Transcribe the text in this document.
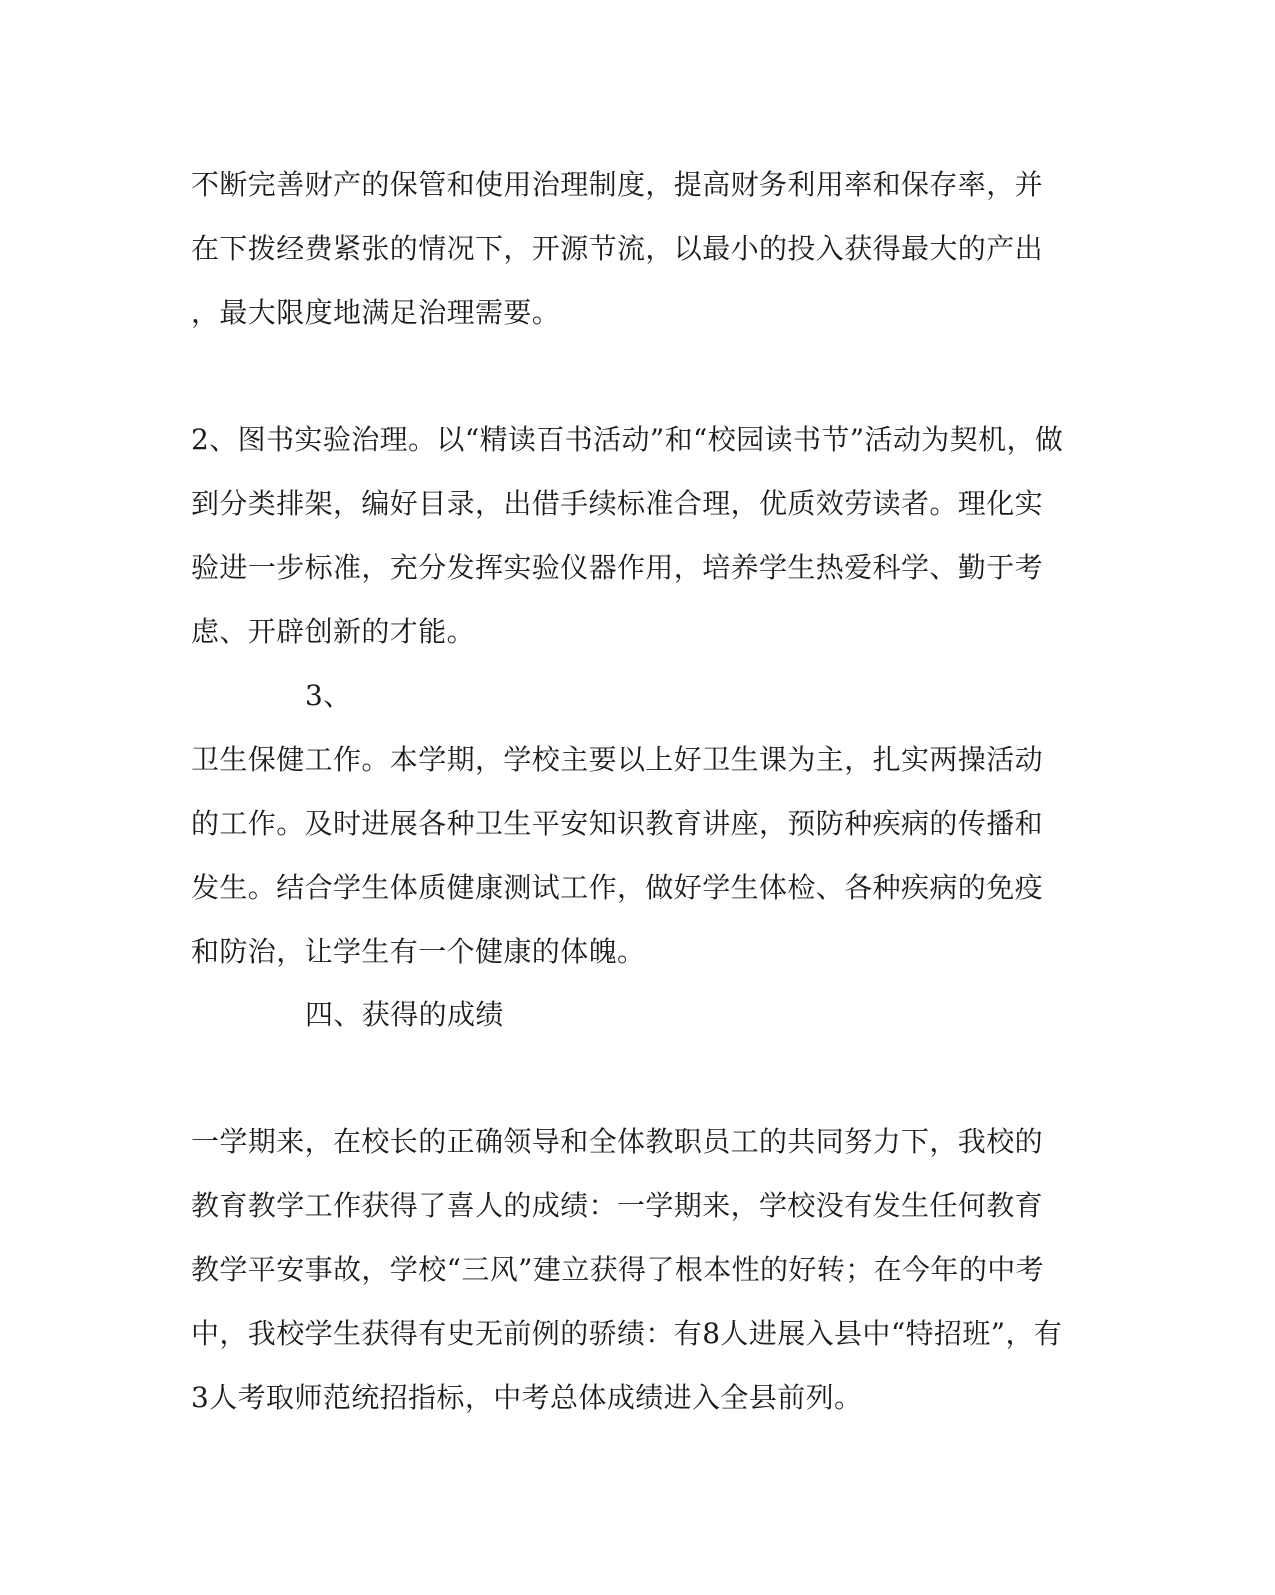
不断完善财产的保管和使用治理制度，提高财务利用率和保存率，并
在下拨经费紧张的情况下，开源节流，以最小的投入获得最大的产出
，最大限度地满足治理需要。
2、图书实验治理。以“精读百书活动”和“校园读书节”活动为契机，做
到分类排架，编好目录，出借手续标准合理，优质效劳读者。理化实
验进一步标准，充分发挥实验仪器作用，培养学生热爱科学、勤于考
虑、开辟创新的才能。
3、
卫生保健工作。本学期，学校主要以上好卫生课为主，扎实两操活动
的工作。及时进展各种卫生平安知识教育讲座，预防种疾病的传播和
发生。结合学生体质健康测试工作，做好学生体检、各种疾病的免疫
和防治，让学生有一个健康的体魄。
四、获得的成绩
一学期来，在校长的正确领导和全体教职员工的共同努力下，我校的
教育教学工作获得了喜人的成绩：一学期来，学校没有发生任何教育
教学平安事故，学校“三风”建立获得了根本性的好转；在今年的中考
中，我校学生获得有史无前例的骄绩：有8人进展入县中“特招班”，有
3人考取师范统招指标，中考总体成绩进入全县前列。
